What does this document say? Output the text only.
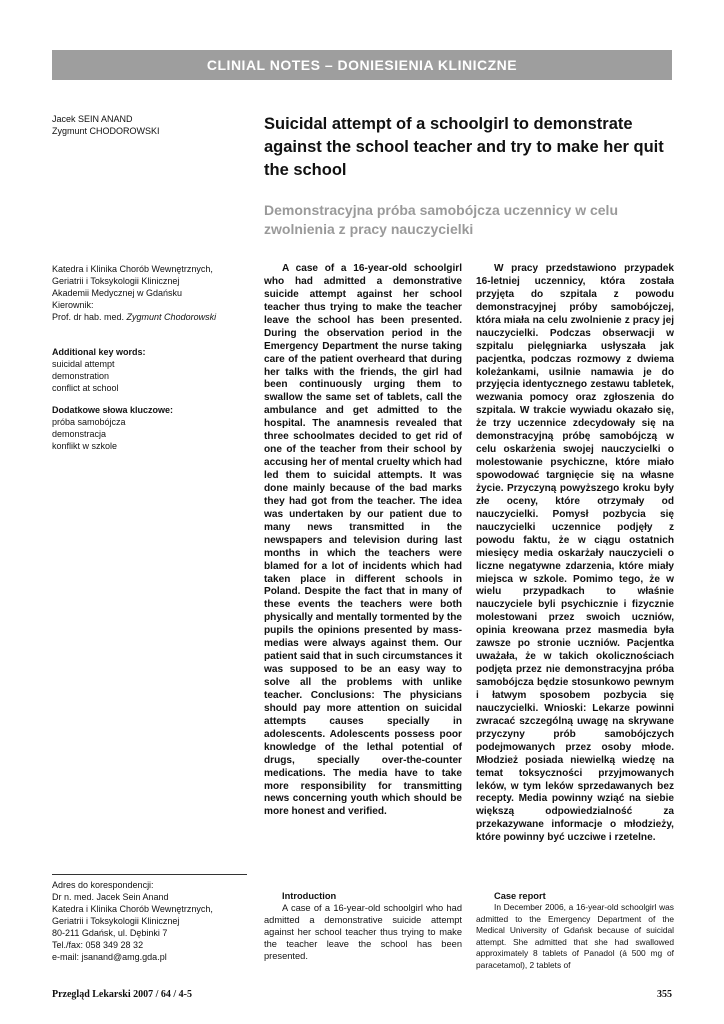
CLINIAL NOTES – DONIESIENIA KLINICZNE
Jacek SEIN ANAND
Zygmunt CHODOROWSKI	Suicidal attempt of a schoolgirl to demonstrate against the school teacher and try to make her quit the school
Demonstracyjna próba samobójcza uczennicy w celu zwolnienia z pracy nauczycielki
Katedra i Klinika Chorób Wewnętrznych,
Geriatrii i Toksykologii Klinicznej
Akademii Medycznej w Gdańsku
Kierownik:
Prof. dr hab. med. Zygmunt Chodorowski
Additional key words:
suicidal attempt
demonstration
conflict at school
Dodatkowe słowa kluczowe:
próba samobójcza
demonstracja
konflikt w szkole

A case of a 16-year-old schoolgirl who had admitted a demonstrative suicide attempt against her school teacher thus trying to make the teacher leave the school has been presented. During the observation period in the Emergency Department the nurse taking care of the patient overheard that during her talks with the friends, the girl had been continuously urging them to swallow the same set of tablets, call the ambulance and get admitted to the hospital. The anamnesis revealed that three schoolmates decided to get rid of one of the teacher from their school by accusing her of mental cruelty which had led them to suicidal attempts. It was done mainly because of the bad marks they had got from the teacher. The idea was undertaken by our patient due to many news transmitted in the newspapers and television during last months in which the teachers were blamed for a lot of incidents which had taken place in different schools in Poland. Despite the fact that in many of these events the teachers were both physically and mentally tormented by the pupils the opinions presented by mass-medias were always against them. Our patient said that in such circumstances it was supposed to be an easy way to solve all the problems with unlike teacher. Conclusions: The physicians should pay more attention on suicidal attempts causes specially in adolescents. Adolescents possess poor knowledge of the lethal potential of drugs, specially over-the-counter medications. The media have to take more responsibility for transmitting news concerning youth which should be more honest and verified.

W pracy przedstawiono przypadek 16-letniej uczennicy, która została przyjęta do szpitala z powodu demonstracyjnej próby samobójczej, która miała na celu zwolnienie z pracy jej nauczycielki. Podczas obserwacji w szpitalu pielęgniarka usłyszała jak pacjentka, podczas rozmowy z dwiema koleżankami, usilnie namawia je do przyjęcia identycznego zestawu tabletek, wezwania pomocy oraz zgłoszenia do szpitala. W trakcie wywiadu okazało się, że trzy uczennice zdecydowały się na demonstracyjną próbę samobójczą w celu oskarżenia swojej nauczycielki o molestowanie psychiczne, które miało spowodować targnięcie się na własne życie. Przyczyną powyższego kroku były złe oceny, które otrzymały od nauczycielki. Pomysł pozbycia się nauczycielki uczennice podjęły z powodu faktu, że w ciągu ostatnich miesięcy media oskarżały nauczycieli o liczne negatywne zdarzenia, które miały miejsca w szkole. Pomimo tego, że w wielu przypadkach to właśnie nauczyciele byli psychicznie i fizycznie molestowani przez swoich uczniów, opinia kreowana przez masmedia była zawsze po stronie uczniów. Pacjentka uważała, że w takich okolicznościach podjęta przez nie demonstracyjna próba samobójcza będzie stosunkowo pewnym i łatwym sposobem pozbycia się nauczycielki. Wnioski: Lekarze powinni zwracać szczególną uwagę na skrywane przyczyny prób samobójczych podejmowanych przez osoby młode. Młodzież posiada niewielką wiedzę na temat toksyczności przyjmowanych leków, w tym leków sprzedawanych bez recepty. Media powinny wziąć na siebie większą odpowiedzialność za przekazywane informacje o młodzieży, które powinny być uczciwe i rzetelne.

Adres do korespondencji:
Dr n. med. Jacek Sein Anand
Katedra i Klinika Chorób Wewnętrznych,
Geriatrii i Toksykologii Klinicznej
80-211 Gdańsk, ul. Dębinki 7
Tel./fax: 058 349 28 32
e-mail: jsanand@amg.gda.pl
Introduction

A case of a 16-year-old schoolgirl who had admitted a demonstrative suicide attempt against her school teacher thus trying to make the teacher leave the school has been presented.

Case report

In December 2006, a 16-year-old schoolgirl was admitted to the Emergency Department of the Medical University of Gdańsk because of suicidal attempt. She admitted that she had swallowed approximately 8 tablets of Panadol (á 500 mg of paracetamol), 2 tablets of

Przegląd Lekarski 2007 / 64 / 4-5	355
